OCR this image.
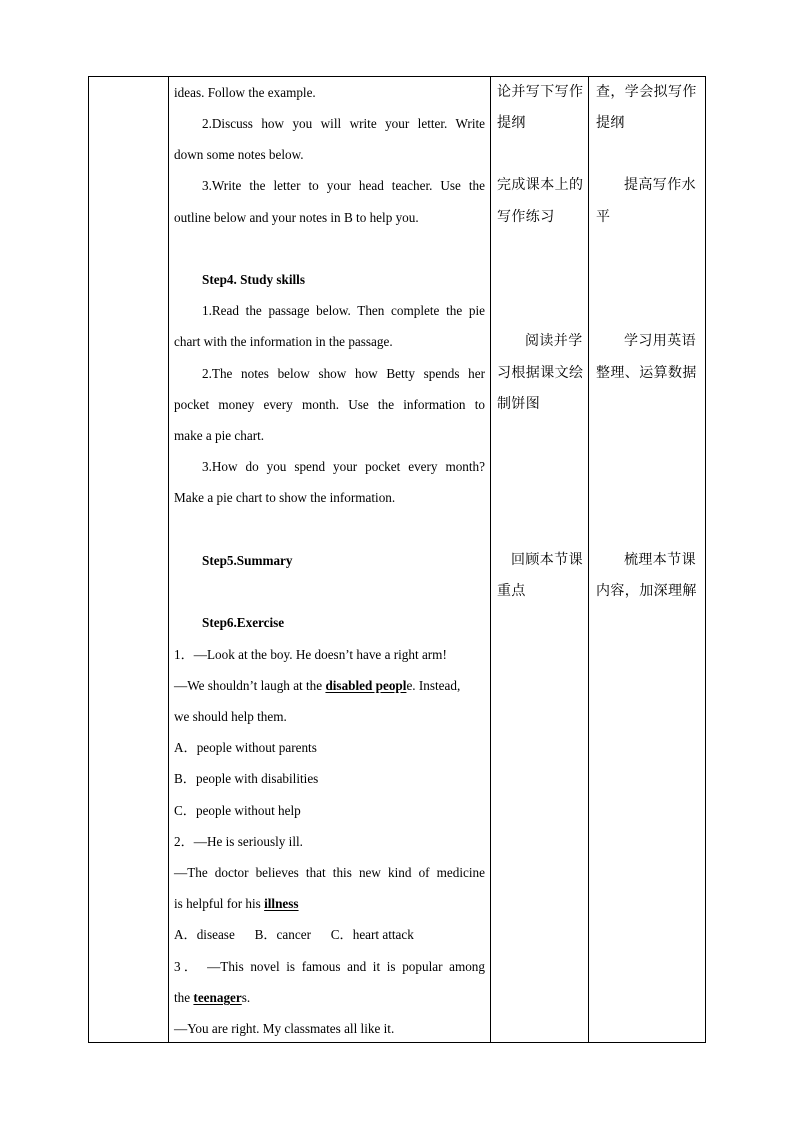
ideas. Follow the example.
2.Discuss how you will write your letter. Write
down some notes below.
3.Write the letter to your head teacher. Use the
outline below and your notes in B to help you.
Step4. Study skills
1.Read the passage below. Then complete the pie
chart with the information in the passage.
2.The notes below show how Betty spends her
pocket money every month. Use the information to
make a pie chart.
3.How do you spend your pocket every month?
Make a pie chart to show the information.
Step5.Summary
Step6.Exercise
1．—Look at the boy. He doesn’t have a right arm!
—We shouldn’t laugh at the disabled people. Instead,
we should help them.
A．people without parents
B．people with disabilities
C．people without help
2．—He is seriously ill.
—The doctor believes that this new kind of medicine
is helpful for his illness
A．disease      B．cancer      C．heart attack
3． —This novel is famous and it is popular among
the teenagers.
—You are right. My classmates all like it.
论并写下写作
提纲
完成课本上的
写作练习
阅读并学
习根据课文绘
制饼图
回顾本节课
重点
查，学会拟写作
提纲
提高写作水
平
学习用英语
整理、运算数据
梳理本节课
内容，加深理解
